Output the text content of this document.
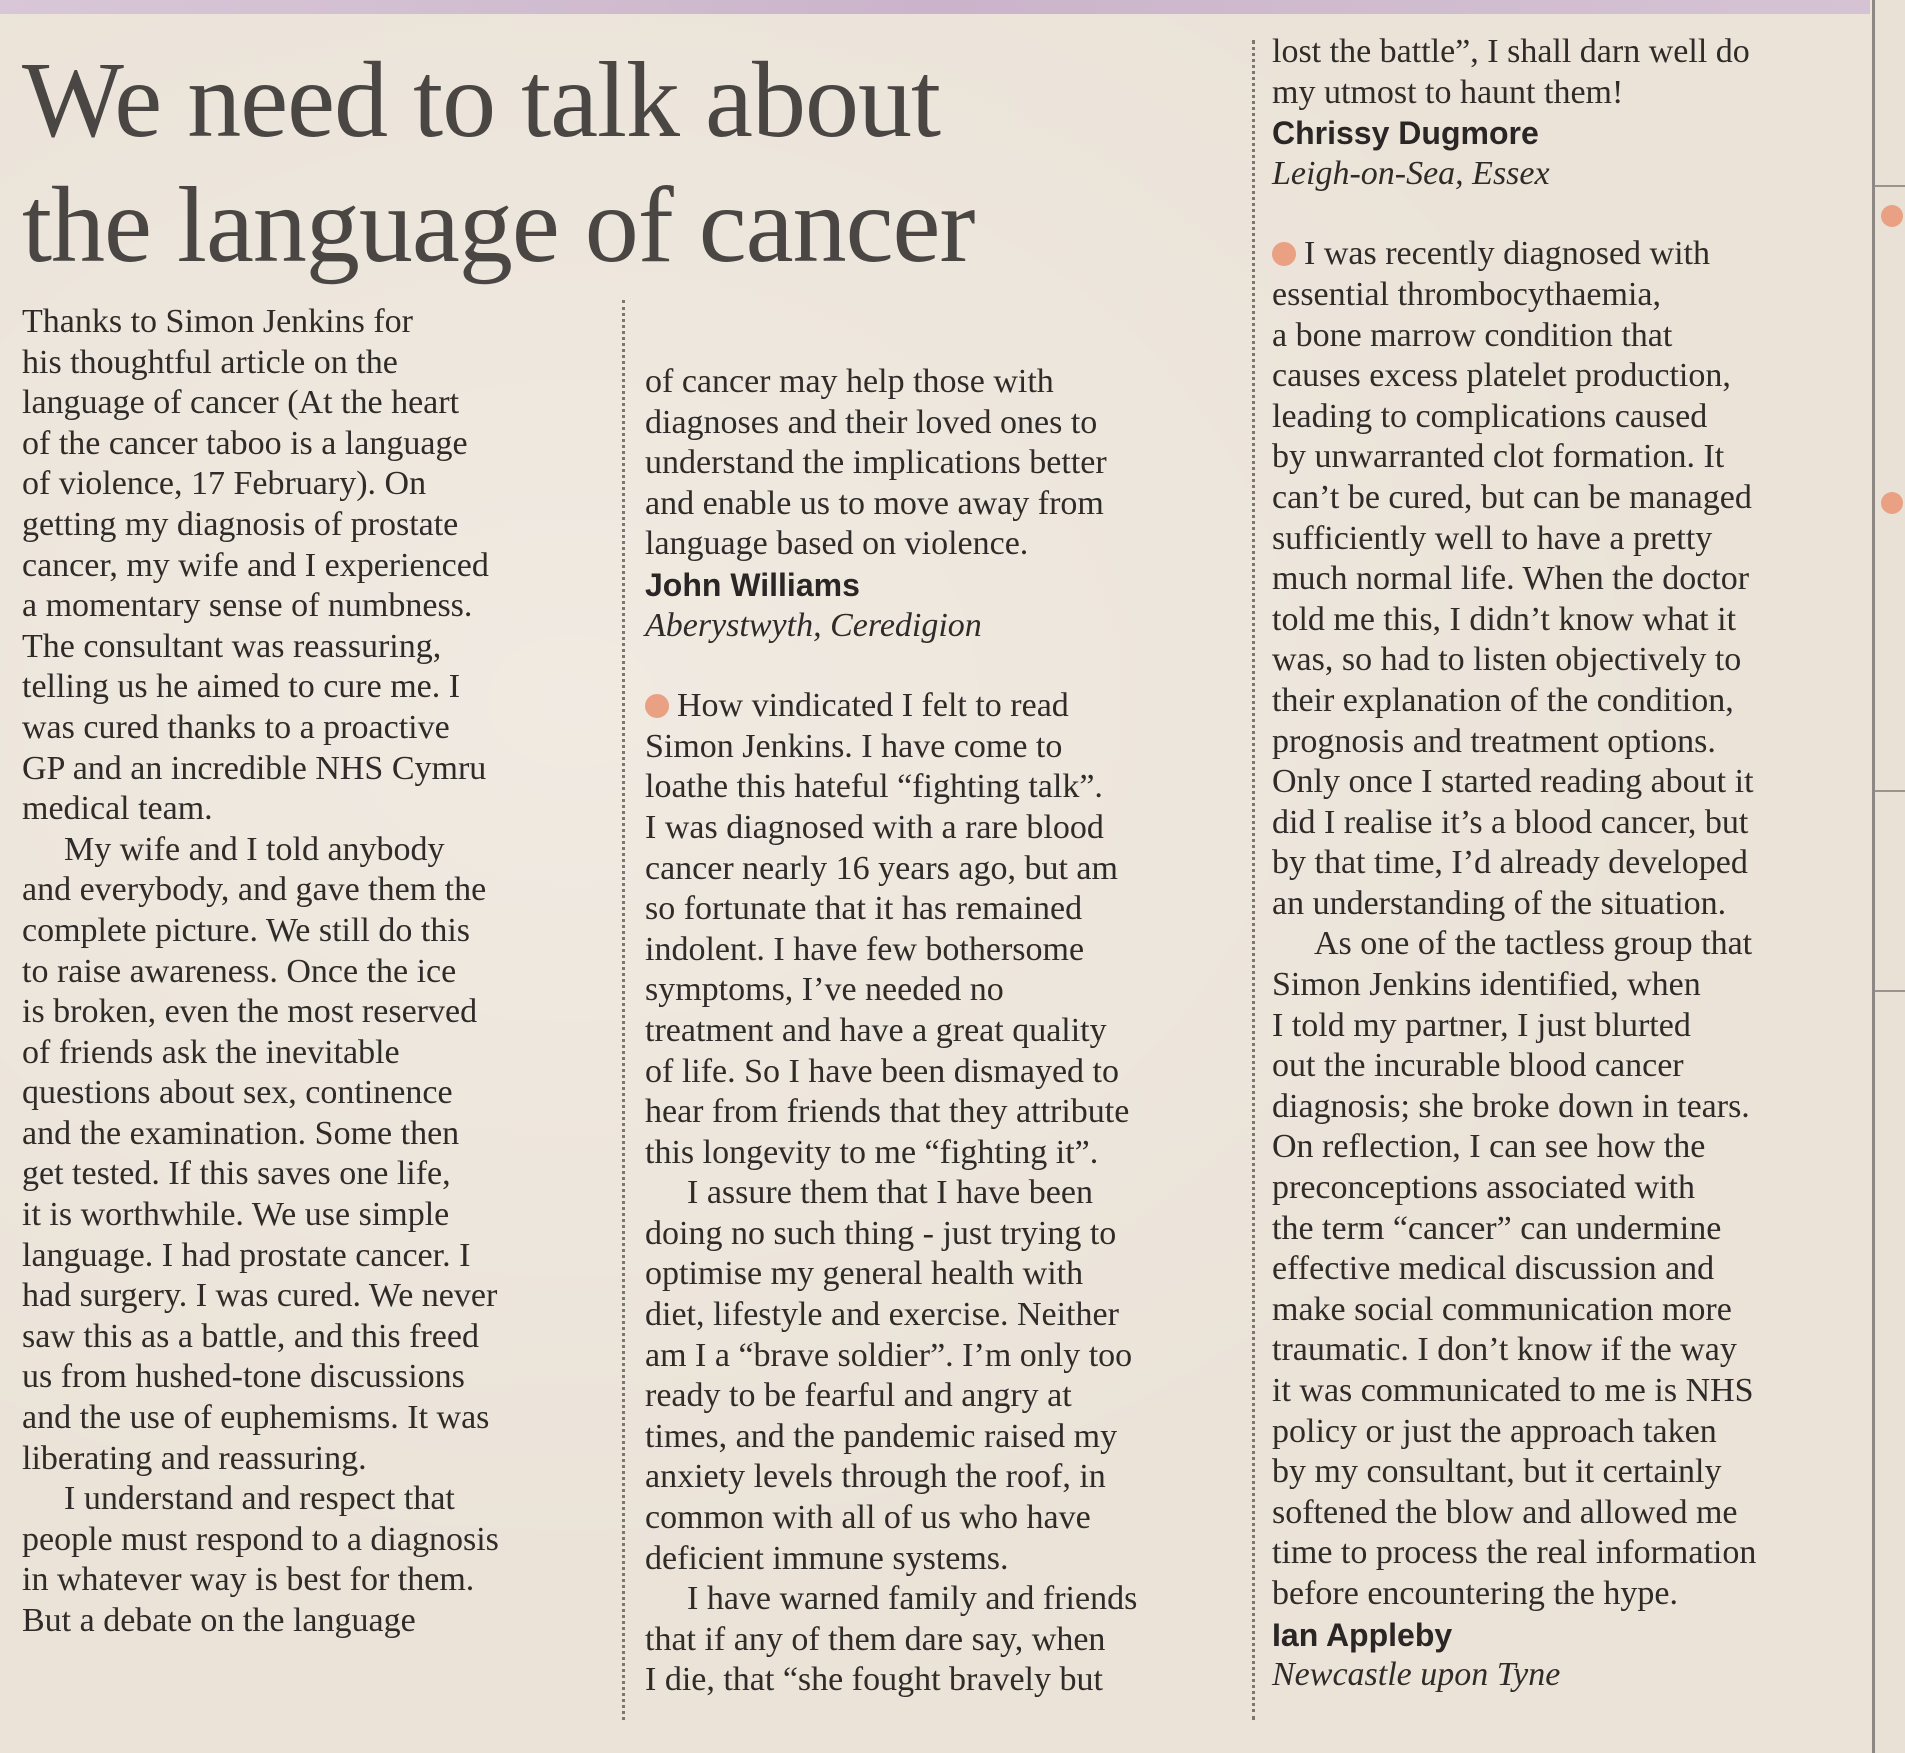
We need to talk about
the language of cancer

Thanks to Simon Jenkins for
his thoughtful article on the
language of cancer (At the heart
of the cancer taboo is a language
of violence, 17 February). On
getting my diagnosis of prostate
cancer, my wife and I experienced
a momentary sense of numbness.
The consultant was reassuring,
telling us he aimed to cure me. I
was cured thanks to a proactive
GP and an incredible NHS Cymru
medical team.

My wife and I told anybody
and everybody, and gave them the
complete picture. We still do this
to raise awareness. Once the ice
is broken, even the most reserved
of friends ask the inevitable
questions about sex, continence
and the examination. Some then
get tested. If this saves one life,
it is worthwhile. We use simple
language. I had prostate cancer. I
had surgery. I was cured. We never
saw this as a battle, and this freed
us from hushed-tone discussions
and the use of euphemisms. It was
liberating and reassuring.

I understand and respect that
people must respond to a diagnosis
in whatever way is best for them.
But a debate on the language

of cancer may help those with
diagnoses and their loved ones to
understand the implications better
and enable us to move away from
language based on violence.

John Williams

Aberystwyth, Ceredigion

How vindicated I felt to read
Simon Jenkins. I have come to
loathe this hateful “fighting talk”.
I was diagnosed with a rare blood
cancer nearly 16 years ago, but am
so fortunate that it has remained
indolent. I have few bothersome
symptoms, I’ve needed no
treatment and have a great quality
of life. So I have been dismayed to
hear from friends that they attribute
this longevity to me “fighting it”.

I assure them that I have been
doing no such thing - just trying to
optimise my general health with
diet, lifestyle and exercise. Neither
am I a “brave soldier”. I’m only too
ready to be fearful and angry at
times, and the pandemic raised my
anxiety levels through the roof, in
common with all of us who have
deficient immune systems.

I have warned family and friends
that if any of them dare say, when
I die, that “she fought bravely but

lost the battle”, I shall darn well do
my utmost to haunt them!

Chrissy Dugmore

Leigh-on-Sea, Essex

I was recently diagnosed with
essential thrombocythaemia,
a bone marrow condition that
causes excess platelet production,
leading to complications caused
by unwarranted clot formation. It
can’t be cured, but can be managed
sufficiently well to have a pretty
much normal life. When the doctor
told me this, I didn’t know what it
was, so had to listen objectively to
their explanation of the condition,
prognosis and treatment options.
Only once I started reading about it
did I realise it’s a blood cancer, but
by that time, I’d already developed
an understanding of the situation.

As one of the tactless group that
Simon Jenkins identified, when
I told my partner, I just blurted
out the incurable blood cancer
diagnosis; she broke down in tears.
On reflection, I can see how the
preconceptions associated with
the term “cancer” can undermine
effective medical discussion and
make social communication more
traumatic. I don’t know if the way
it was communicated to me is NHS
policy or just the approach taken
by my consultant, but it certainly
softened the blow and allowed me
time to process the real information
before encountering the hype.

Ian Appleby

Newcastle upon Tyne
